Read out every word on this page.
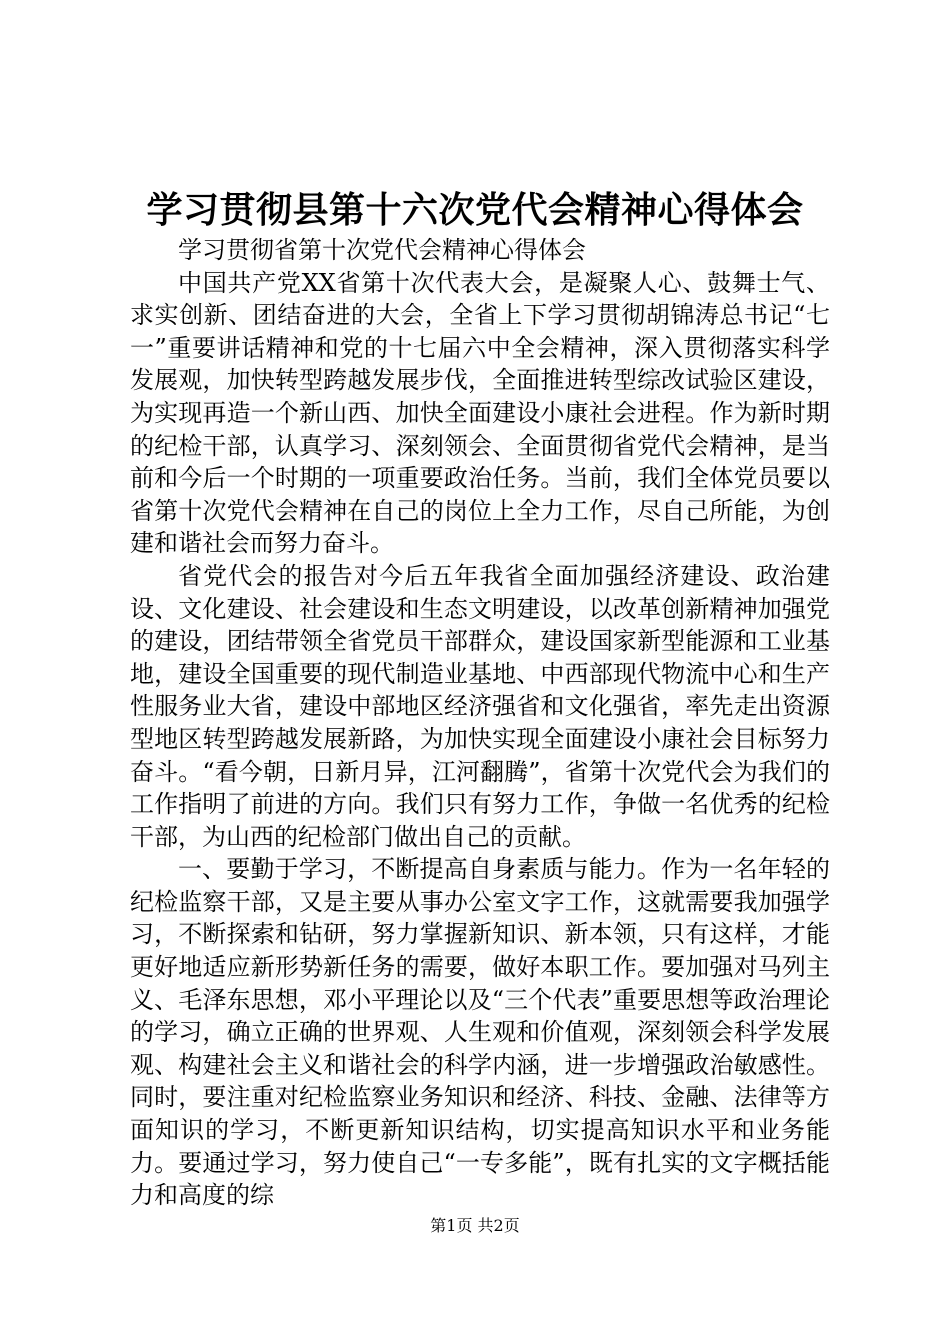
学习贯彻县第十六次党代会精神心得体会

学习贯彻省第十次党代会精神心得体会

中国共产党XX省第十次代表大会，是凝聚人心、鼓舞士气、求实创新、团结奋进的大会，全省上下学习贯彻胡锦涛总书记“七一”重要讲话精神和党的十七届六中全会精神，深入贯彻落实科学发展观，加快转型跨越发展步伐，全面推进转型综改试验区建设，为实现再造一个新山西、加快全面建设小康社会进程。作为新时期的纪检干部，认真学习、深刻领会、全面贯彻省党代会精神，是当前和今后一个时期的一项重要政治任务。当前，我们全体党员要以省第十次党代会精神在自己的岗位上全力工作，尽自己所能，为创建和谐社会而努力奋斗。

省党代会的报告对今后五年我省全面加强经济建设、政治建设、文化建设、社会建设和生态文明建设，以改革创新精神加强党的建设，团结带领全省党员干部群众，建设国家新型能源和工业基地，建设全国重要的现代制造业基地、中西部现代物流中心和生产性服务业大省，建设中部地区经济强省和文化强省，率先走出资源型地区转型跨越发展新路，为加快实现全面建设小康社会目标努力奋斗。“看今朝，日新月异，江河翻腾”，省第十次党代会为我们的工作指明了前进的方向。我们只有努力工作，争做一名优秀的纪检干部，为山西的纪检部门做出自己的贡献。

一、要勤于学习，不断提高自身素质与能力。作为一名年轻的纪检监察干部，又是主要从事办公室文字工作，这就需要我加强学习，不断探索和钻研，努力掌握新知识、新本领，只有这样，才能更好地适应新形势新任务的需要，做好本职工作。要加强对马列主义、毛泽东思想，邓小平理论以及“三个代表”重要思想等政治理论的学习，确立正确的世界观、人生观和价值观，深刻领会科学发展观、构建社会主义和谐社会的科学内涵，进一步增强政治敏感性。同时，要注重对纪检监察业务知识和经济、科技、金融、法律等方面知识的学习，不断更新知识结构，切实提高知识水平和业务能力。要通过学习，努力使自己“一专多能”，既有扎实的文字概括能力和高度的综

第1页 共2页
